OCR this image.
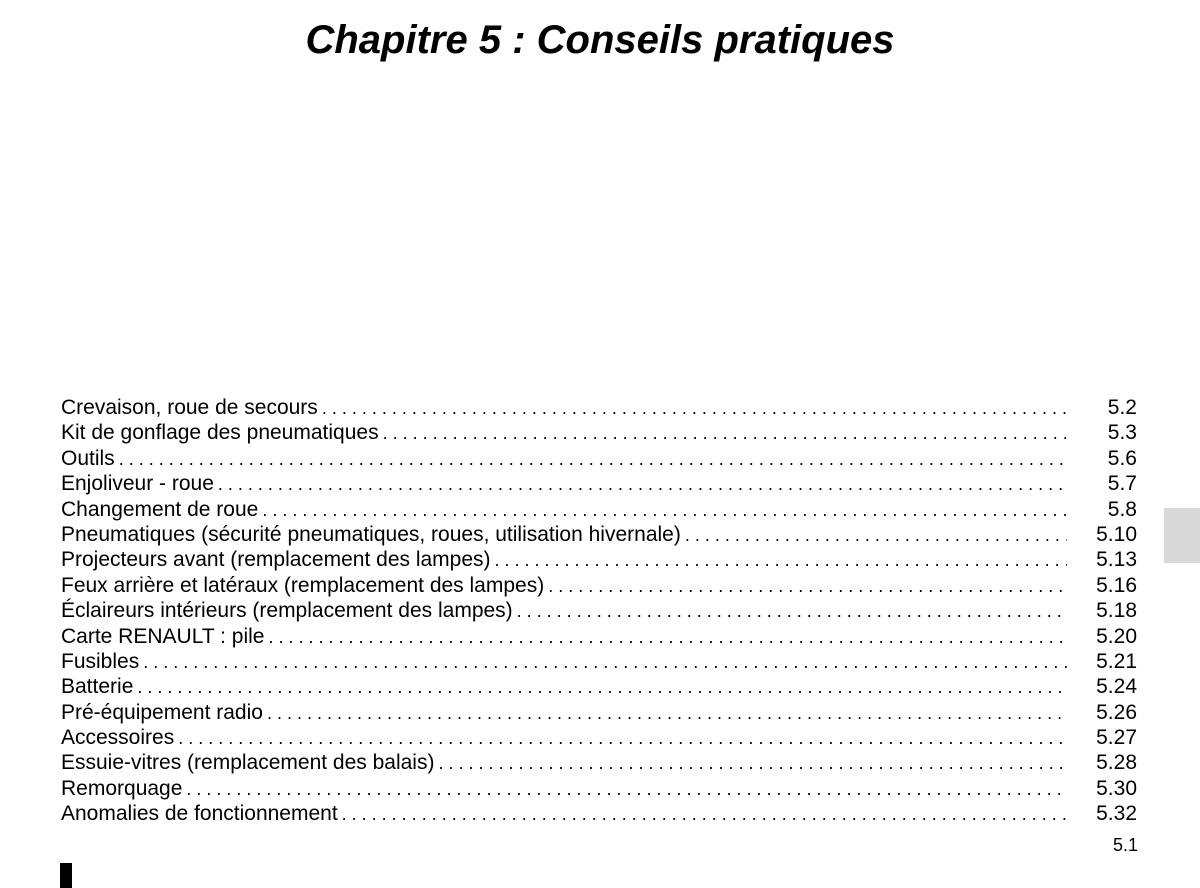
Chapitre 5 : Conseils pratiques
Crevaison, roue de secours . . .	5.2
Kit de gonflage des pneumatiques . . .	5.3
Outils . . .	5.6
Enjoliveur - roue . . .	5.7
Changement de roue . . .	5.8
Pneumatiques (sécurité pneumatiques, roues, utilisation hivernale) . . .	5.10
Projecteurs avant (remplacement des lampes) . . .	5.13
Feux arrière et latéraux (remplacement des lampes) . . .	5.16
Éclaireurs intérieurs (remplacement des lampes) . . .	5.18
Carte RENAULT : pile . . .	5.20
Fusibles . . .	5.21
Batterie . . .	5.24
Pré-équipement radio . . .	5.26
Accessoires . . .	5.27
Essuie-vitres (remplacement des balais) . . .	5.28
Remorquage . . .	5.30
Anomalies de fonctionnement . . .	5.32
5.1
